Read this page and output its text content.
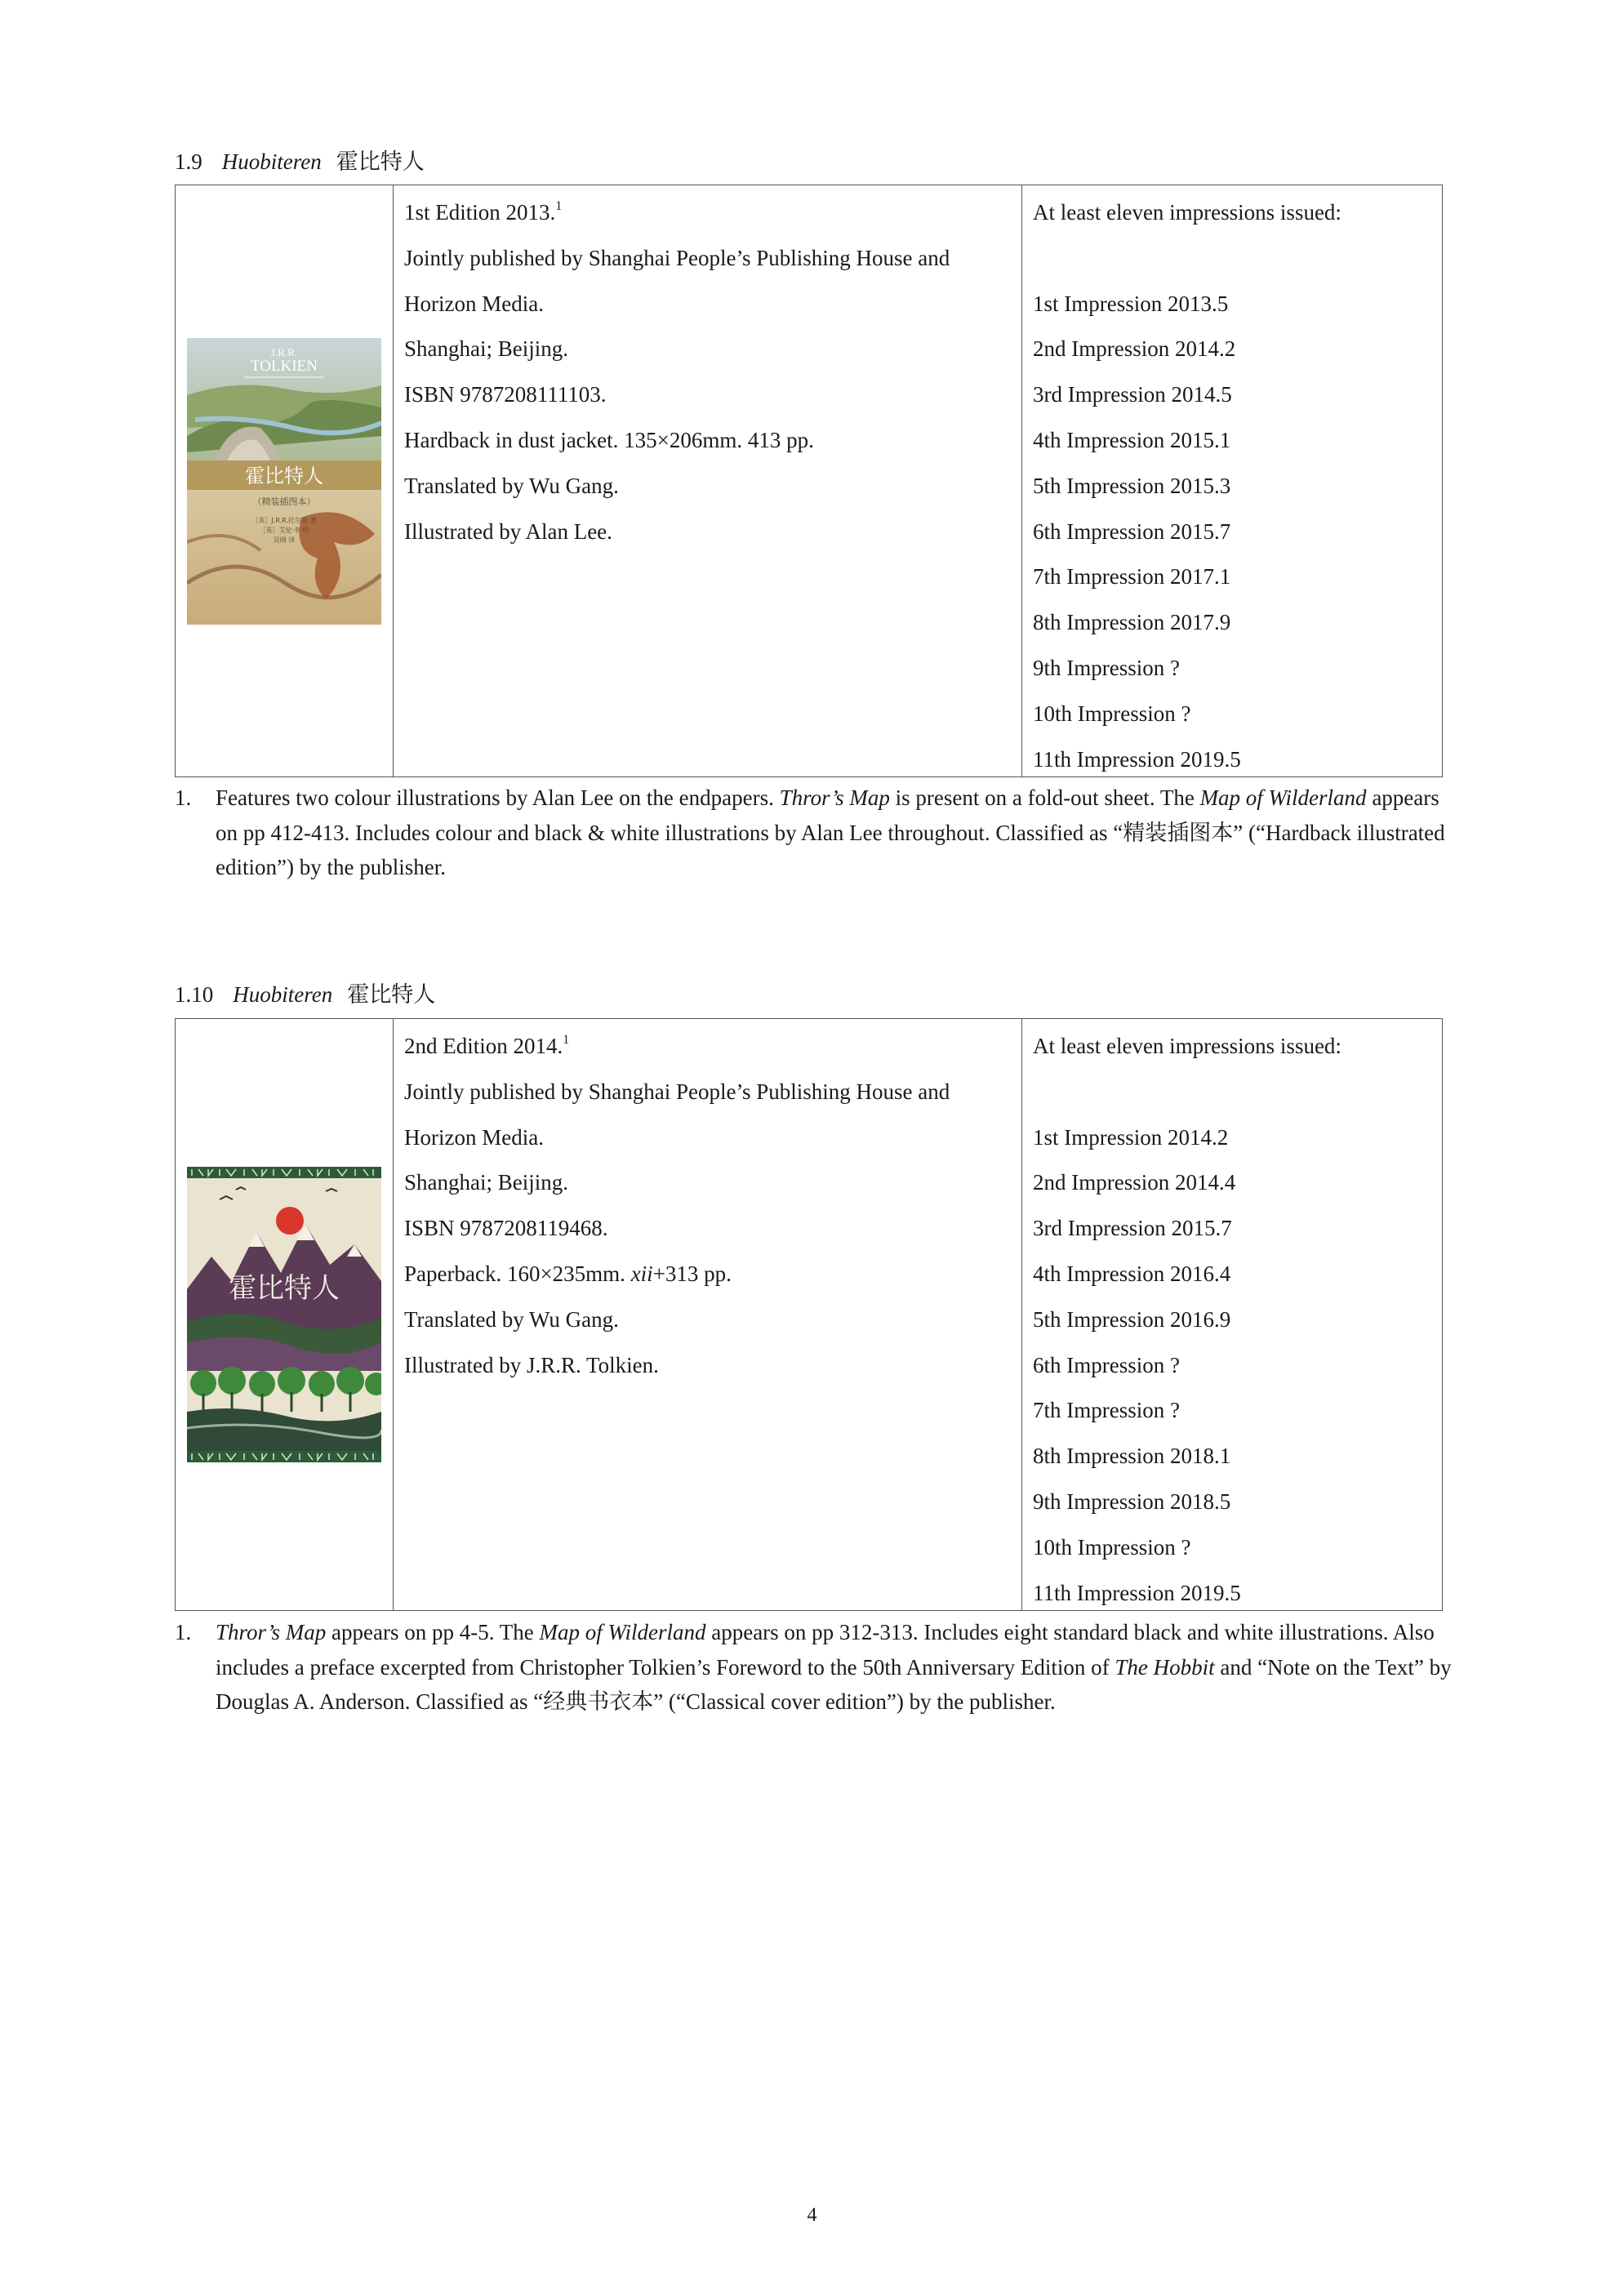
1.9 Huobiteren 霍比特人
J.R.R.
TOLKIEN
霍比特人
（精装插图本）
［英］J.R.R.托尔金 著
［英］艾伦·李 绘
吴刚 译
1st Edition 2013.$^1$
Jointly published by Shanghai People’s Publishing House and
Horizon Media.
Shanghai; Beijing.
ISBN 9787208111103.
Hardback in dust jacket. 135×206mm. 413 pp.
Translated by Wu Gang.
Illustrated by Alan Lee.
At least eleven impressions issued:

1st Impression 2013.5
2nd Impression 2014.2
3rd Impression 2014.5
4th Impression 2015.1
5th Impression 2015.3
6th Impression 2015.7
7th Impression 2017.1
8th Impression 2017.9
9th Impression ?
10th Impression ?
11th Impression 2019.5
1. Features two colour illustrations by Alan Lee on the endpapers. Thror’s Map is present on a fold-out sheet. The Map of Wilderland appears on pp 412-413. Includes colour and black & white illustrations by Alan Lee throughout. Classified as “精装插图本” (“Hardback illustrated edition”) by the publisher.
1.10 Huobiteren 霍比特人
霍比特人
2nd Edition 2014.$^1$
Jointly published by Shanghai People’s Publishing House and
Horizon Media.
Shanghai; Beijing.
ISBN 9787208119468.
Paperback. 160×235mm. xii+313 pp.
Translated by Wu Gang.
Illustrated by J.R.R. Tolkien.
At least eleven impressions issued:

1st Impression 2014.2
2nd Impression 2014.4
3rd Impression 2015.7
4th Impression 2016.4
5th Impression 2016.9
6th Impression ?
7th Impression ?
8th Impression 2018.1
9th Impression 2018.5
10th Impression ?
11th Impression 2019.5
1. Thror’s Map appears on pp 4-5. The Map of Wilderland appears on pp 312-313. Includes eight standard black and white illustrations. Also includes a preface excerpted from Christopher Tolkien’s Foreword to the 50th Anniversary Edition of The Hobbit and “Note on the Text” by Douglas A. Anderson. Classified as “经典书衣本” (“Classical cover edition”) by the publisher.
4
